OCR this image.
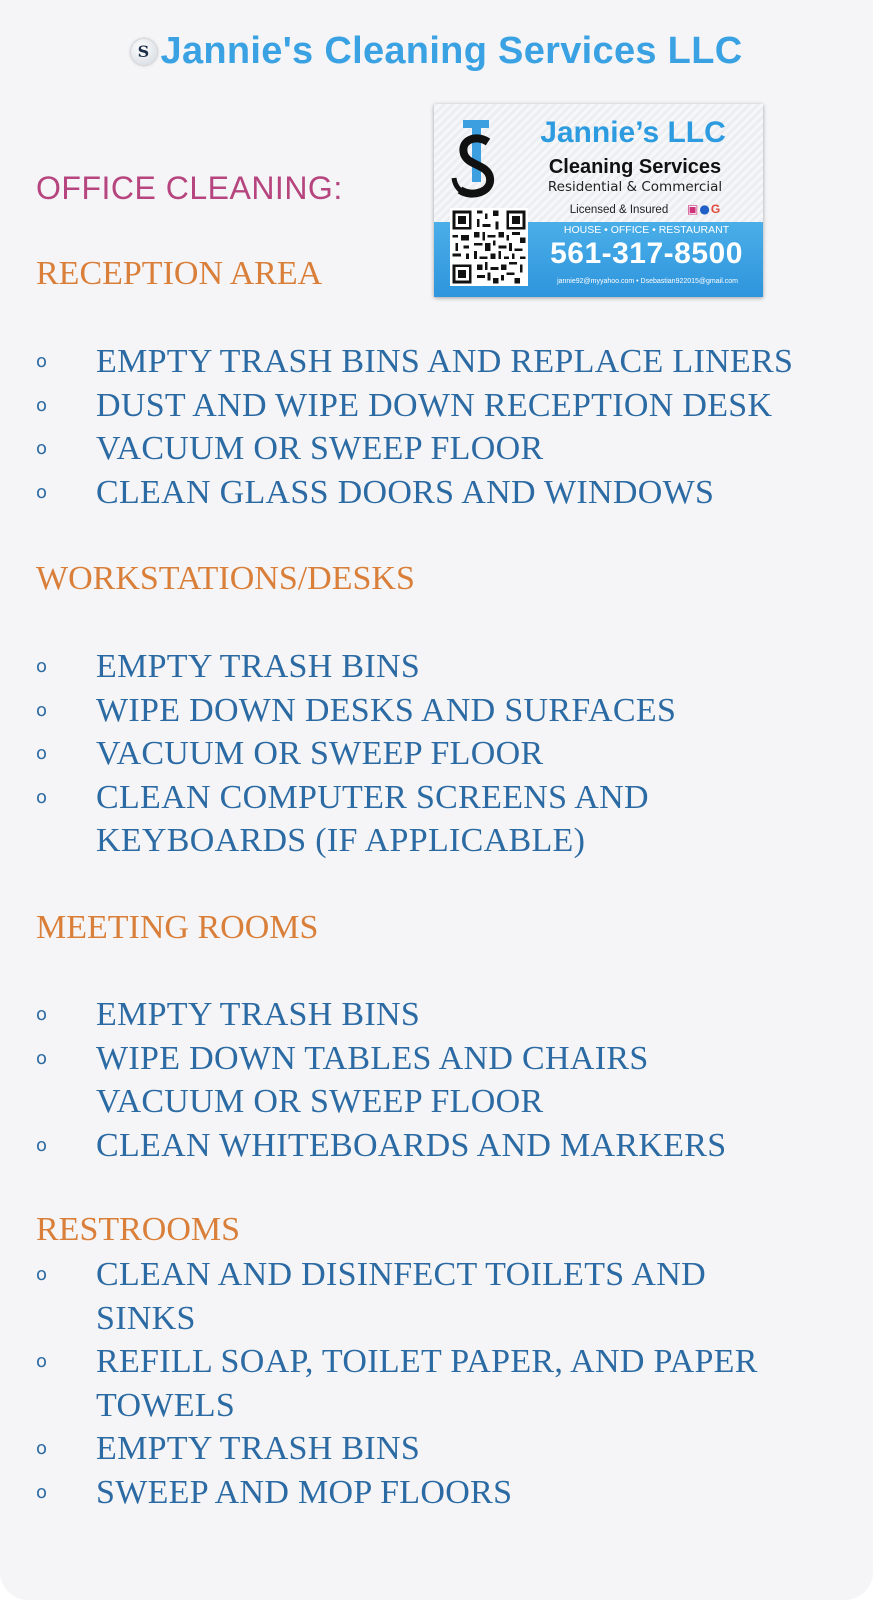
S Jannie's Cleaning Services LLC
OFFICE CLEANING:
Jannie’s LLC
Cleaning Services
Residential & Commercial
Licensed & Insured	▣●G
HOUSE • OFFICE • RESTAURANT
561-317-8500
jannie92@myyahoo.com • Dsebastian922015@gmail.com
RECEPTION AREA
o EMPTY TRASH BINS AND REPLACE LINERS
o DUST AND WIPE DOWN RECEPTION DESK
o VACUUM OR SWEEP FLOOR
o CLEAN GLASS DOORS AND WINDOWS
WORKSTATIONS/DESKS
o EMPTY TRASH BINS
o WIPE DOWN DESKS AND SURFACES
o VACUUM OR SWEEP FLOOR
o CLEAN COMPUTER SCREENS AND
KEYBOARDS (IF APPLICABLE)
MEETING ROOMS
o EMPTY TRASH BINS
o WIPE DOWN TABLES AND CHAIRS
VACUUM OR SWEEP FLOOR
o CLEAN WHITEBOARDS AND MARKERS
RESTROOMS
o CLEAN AND DISINFECT TOILETS AND
SINKS
o REFILL SOAP, TOILET PAPER, AND PAPER
TOWELS
o EMPTY TRASH BINS
o SWEEP AND MOP FLOORS
